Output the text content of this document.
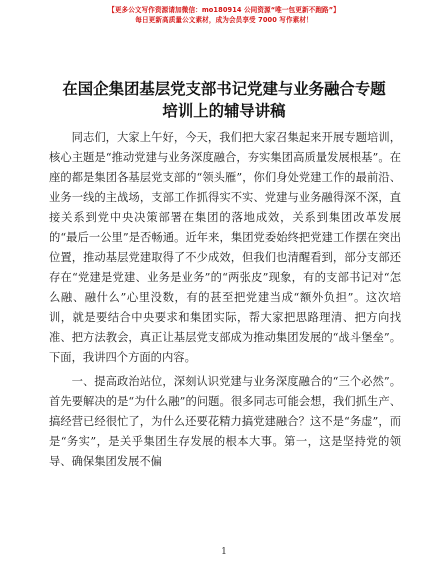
【更多公文写作资源请加微信：mo180914 公同资源“唯一包更新不跑路”】
每日更新高质量公文素材，成为会员享受 7000 写作素材！
在国企集团基层党支部书记党建与业务融合专题培训上的辅导讲稿

同志们，大家上午好，今天，我们把大家召集起来开展专题培训，核心主题是“推动党建与业务深度融合，夯实集团高质量发展根基”。在座的都是集团各基层党支部的“领头雁”，你们身处党建工作的最前沿、业务一线的主战场，支部工作抓得实不实、党建与业务融得深不深，直接关系到党中央决策部署在集团的落地成效，关系到集团改革发展的“最后一公里”是否畅通。近年来，集团党委始终把党建工作摆在突出位置，推动基层党建取得了不少成效，但我们也清醒看到，部分支部还存在“党建是党建、业务是业务”的“两张皮”现象，有的支部书记对“怎么融、融什么”心里没数，有的甚至把党建当成“额外负担”。这次培训，就是要结合中央要求和集团实际，帮大家把思路理清、把方向找准、把方法教会，真正让基层党支部成为推动集团发展的“战斗堡垒”。下面，我讲四个方面的内容。

一、提高政治站位，深刻认识党建与业务深度融合的“三个必然”。首先要解决的是“为什么融”的问题。很多同志可能会想，我们抓生产、搞经营已经很忙了，为什么还要花精力搞党建融合？这不是“务虚”，而是“务实”，是关乎集团生存发展的根本大事。第一，这是坚持党的领导、确保集团发展不偏

1
